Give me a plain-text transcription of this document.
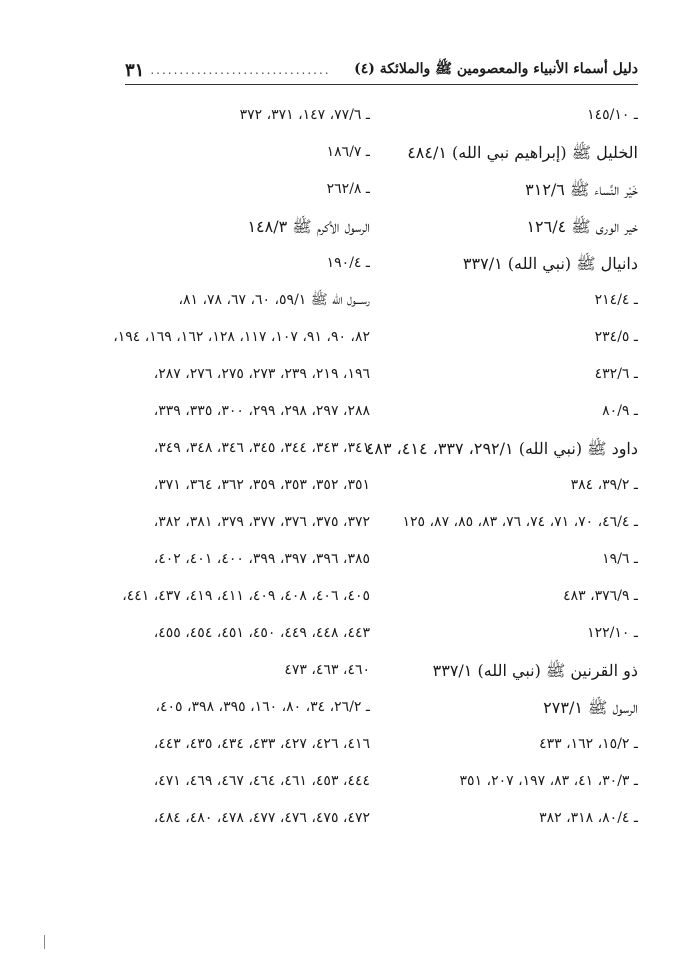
دليل أسماء الأنبياء والمعصومين ﷺ والملائكة (٤)
...............................
٣١
ـ ١٤٥/١٠
الخليل ﷺ (إبراهيم نبي الله) ٤٨٤/١
خَيْر النِّساء ﷺ ٣١٢/٦
خير الورى ﷺ ١٢٦/٤
دانيال ﷺ (نبي الله) ٣٣٧/١
ـ ٢١٤/٤
ـ ٢٣٤/٥
ـ ٤٣٢/٦
ـ ٨٠/٩
داود ﷺ (نبي الله) ٢٩٢/١، ٣٣٧، ٤١٤، ٤٨٣
ـ ٣٩/٢، ٣٨٤
ـ ٤٦/٤، ٧٠، ٧١، ٧٤، ٧٦، ٨٣، ٨٥، ٨٧، ١٢٥
ـ ١٩/٦
ـ ٣٧٦/٩، ٤٨٣
ـ ١٢٢/١٠
ذو القرنين ﷺ (نبي الله) ٣٣٧/١
الرسول ﷺ ٢٧٣/١
ـ ١٥/٢، ١٦٢، ٤٣٣
ـ ٣٠/٣، ٤١، ٨٣، ١٩٧، ٢٠٧، ٣٥١
ـ ٨٠/٤، ٣١٨، ٣٨٢
ـ ٧٧/٦، ١٤٧، ٣٧١، ٣٧٢
ـ ١٨٦/٧
ـ ٢٦٢/٨
الرسول الأكرم ﷺ ١٤٨/٣
ـ ١٩٠/٤
رســـول الله ﷺ ٥٩/١، ٦٠، ٦٧، ٧٨، ٨١،
٨٢، ٩٠، ٩١، ١٠٧، ١١٧، ١٢٨، ١٦٢، ١٦٩، ١٩٤،
١٩٦، ٢١٩، ٢٣٩، ٢٧٣، ٢٧٥، ٢٧٦، ٢٨٧،
٢٨٨، ٢٩٧، ٢٩٨، ٢٩٩، ٣٠٠، ٣٣٥، ٣٣٩،
٣٤١، ٣٤٣، ٣٤٤، ٣٤٥، ٣٤٦، ٣٤٨، ٣٤٩،
٣٥١، ٣٥٢، ٣٥٣، ٣٥٩، ٣٦٢، ٣٦٤، ٣٧١،
٣٧٢، ٣٧٥، ٣٧٦، ٣٧٧، ٣٧٩، ٣٨١، ٣٨٢،
٣٨٥، ٣٩٦، ٣٩٧، ٣٩٩، ٤٠٠، ٤٠١، ٤٠٢،
٤٠٥، ٤٠٦، ٤٠٨، ٤٠٩، ٤١١، ٤١٩، ٤٣٧، ٤٤١،
٤٤٣، ٤٤٨، ٤٤٩، ٤٥٠، ٤٥١، ٤٥٤، ٤٥٥،
٤٦٠، ٤٦٣، ٤٧٣
ـ ٢٦/٢، ٣٤، ٨٠، ١٦٠، ٣٩٥، ٣٩٨، ٤٠٥،
٤١٦، ٤٢٦، ٤٢٧، ٤٣٣، ٤٣٤، ٤٣٥، ٤٤٣،
٤٤٤، ٤٥٣، ٤٦١، ٤٦٤، ٤٦٧، ٤٦٩، ٤٧١،
٤٧٢، ٤٧٥، ٤٧٦، ٤٧٧، ٤٧٨، ٤٨٠، ٤٨٤،
